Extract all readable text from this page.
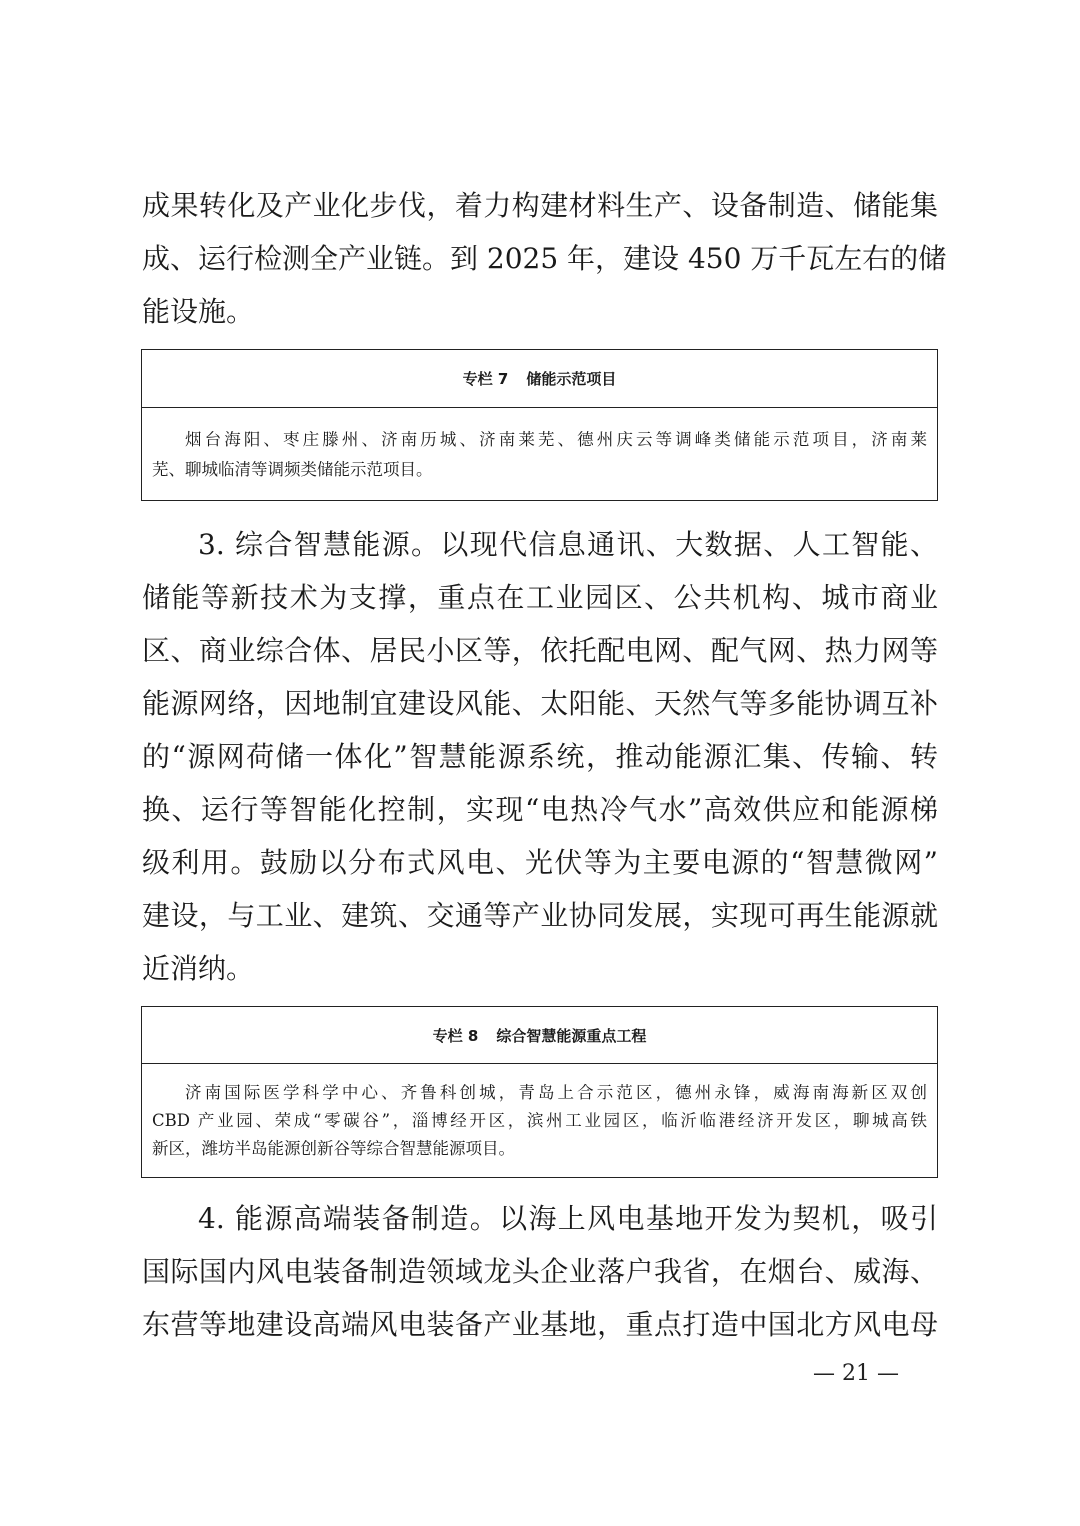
成果转化及产业化步伐，着力构建材料生产、设备制造、储能集
成、运行检测全产业链。到 2025 年，建设 450 万千瓦左右的储
能设施。
专栏 7 储能示范项目
烟台海阳、枣庄滕州、济南历城、济南莱芜、德州庆云等调峰类储能示范项目，济南莱
芜、聊城临清等调频类储能示范项目。
3. 综合智慧能源。以现代信息通讯、大数据、人工智能、
储能等新技术为支撑，重点在工业园区、公共机构、城市商业
区、商业综合体、居民小区等，依托配电网、配气网、热力网等
能源网络，因地制宜建设风能、太阳能、天然气等多能协调互补
的“源网荷储一体化”智慧能源系统，推动能源汇集、传输、转
换、运行等智能化控制，实现“电热冷气水”高效供应和能源梯
级利用。鼓励以分布式风电、光伏等为主要电源的“智慧微网”
建设，与工业、建筑、交通等产业协同发展，实现可再生能源就
近消纳。
专栏 8 综合智慧能源重点工程
济南国际医学科学中心、齐鲁科创城，青岛上合示范区，德州永锋，威海南海新区双创
CBD 产业园、荣成“零碳谷”，淄博经开区，滨州工业园区，临沂临港经济开发区，聊城高铁
新区，潍坊半岛能源创新谷等综合智慧能源项目。
4. 能源高端装备制造。以海上风电基地开发为契机，吸引
国际国内风电装备制造领域龙头企业落户我省，在烟台、威海、
东营等地建设高端风电装备产业基地，重点打造中国北方风电母
— 21 —
